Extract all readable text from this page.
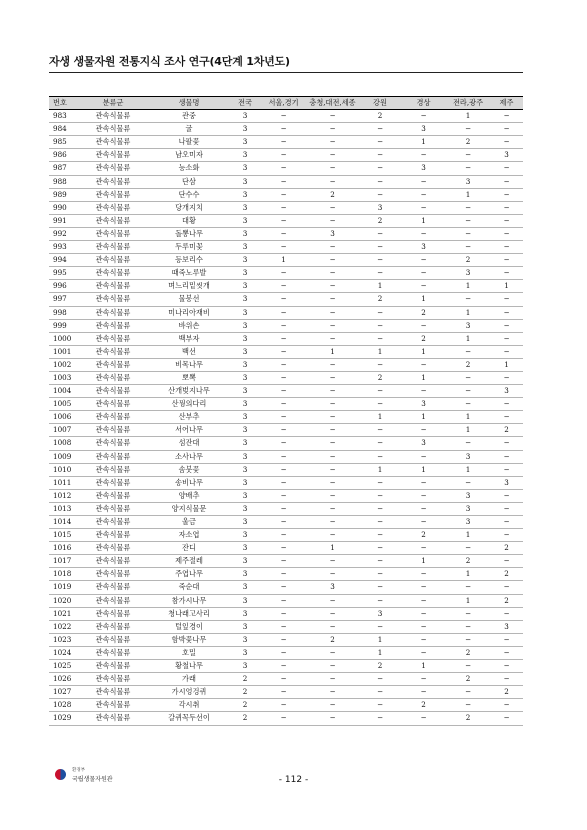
자생 생물자원 전통지식 조사 연구(4단계 1차년도)
번호	분류군	생물명	전국	서울,경기	충청,대전,세종	강원	경상	전라,광주	제주
983	관속식물류	관중	3	−	−	2	−	1	−
984	관속식물류	귤	3	−	−	−	3	−	−
985	관속식물류	나팔꽃	3	−	−	−	1	2	−
986	관속식물류	남오미자	3	−	−	−	−	−	3
987	관속식물류	능소화	3	−	−	−	3	−	−
988	관속식물류	단삼	3	−	−	−	−	3	−
989	관속식물류	단수수	3	−	2	−	−	1	−
990	관속식물류	당개지치	3	−	−	3	−	−	−
991	관속식물류	대황	3	−	−	2	1	−	−
992	관속식물류	돌뽕나무	3	−	3	−	−	−	−
993	관속식물류	두루미꽃	3	−	−	−	3	−	−
994	관속식물류	등보리수	3	1	−	−	−	2	−
995	관속식물류	때죽노루발	3	−	−	−	−	3	−
996	관속식물류	며느리밑씻개	3	−	−	1	−	1	1
997	관속식물류	물봉선	3	−	−	2	1	−	−
998	관속식물류	미나리아재비	3	−	−	−	2	1	−
999	관속식물류	바위손	3	−	−	−	−	3	−
1000	관속식물류	백부자	3	−	−	−	2	1	−
1001	관속식물류	백선	3	−	1	1	1	−	−
1002	관속식물류	비목나무	3	−	−	−	−	2	1
1003	관속식물류	뽀뽁	3	−	−	2	1	−	−
1004	관속식물류	산개벚지나무	3	−	−	−	−	−	3
1005	관속식물류	산꿩의다리	3	−	−	−	3	−	−
1006	관속식물류	산부추	3	−	−	1	1	1	−
1007	관속식물류	서어나무	3	−	−	−	−	1	2
1008	관속식물류	섬잔대	3	−	−	−	3	−	−
1009	관속식물류	소사나무	3	−	−	−	−	3	−
1010	관속식물류	솜붓꽃	3	−	−	1	1	1	−
1011	관속식물류	송비나무	3	−	−	−	−	−	3
1012	관속식물류	양배추	3	−	−	−	−	3	−
1013	관속식물류	양지식물문	3	−	−	−	−	3	−
1014	관속식물류	울금	3	−	−	−	−	3	−
1015	관속식물류	자소엽	3	−	−	−	2	1	−
1016	관속식물류	잔디	3	−	1	−	−	−	2
1017	관속식물류	제주절레	3	−	−	−	1	2	−
1018	관속식물류	주엽나무	3	−	−	−	−	1	2
1019	관속식물류	죽순대	3	−	3	−	−	−	−
1020	관속식물류	참가시나무	3	−	−	−	−	1	2
1021	관속식물류	청나래고사리	3	−	−	3	−	−	−
1022	관속식물류	털잎경이	3	−	−	−	−	−	3
1023	관속식물류	함박꽃나무	3	−	2	1	−	−	−
1024	관속식물류	호밀	3	−	−	1	−	2	−
1025	관속식물류	황철나무	3	−	−	2	1	−	−
1026	관속식물류	가래	2	−	−	−	−	2	−
1027	관속식물류	가시엉겅퀴	2	−	−	−	−	−	2
1028	관속식물류	각시취	2	−	−	−	2	−	−
1029	관속식물류	갈퀴꼭두선이	2	−	−	−	−	2	−
환경부
국립생물자원관	- 112 -
